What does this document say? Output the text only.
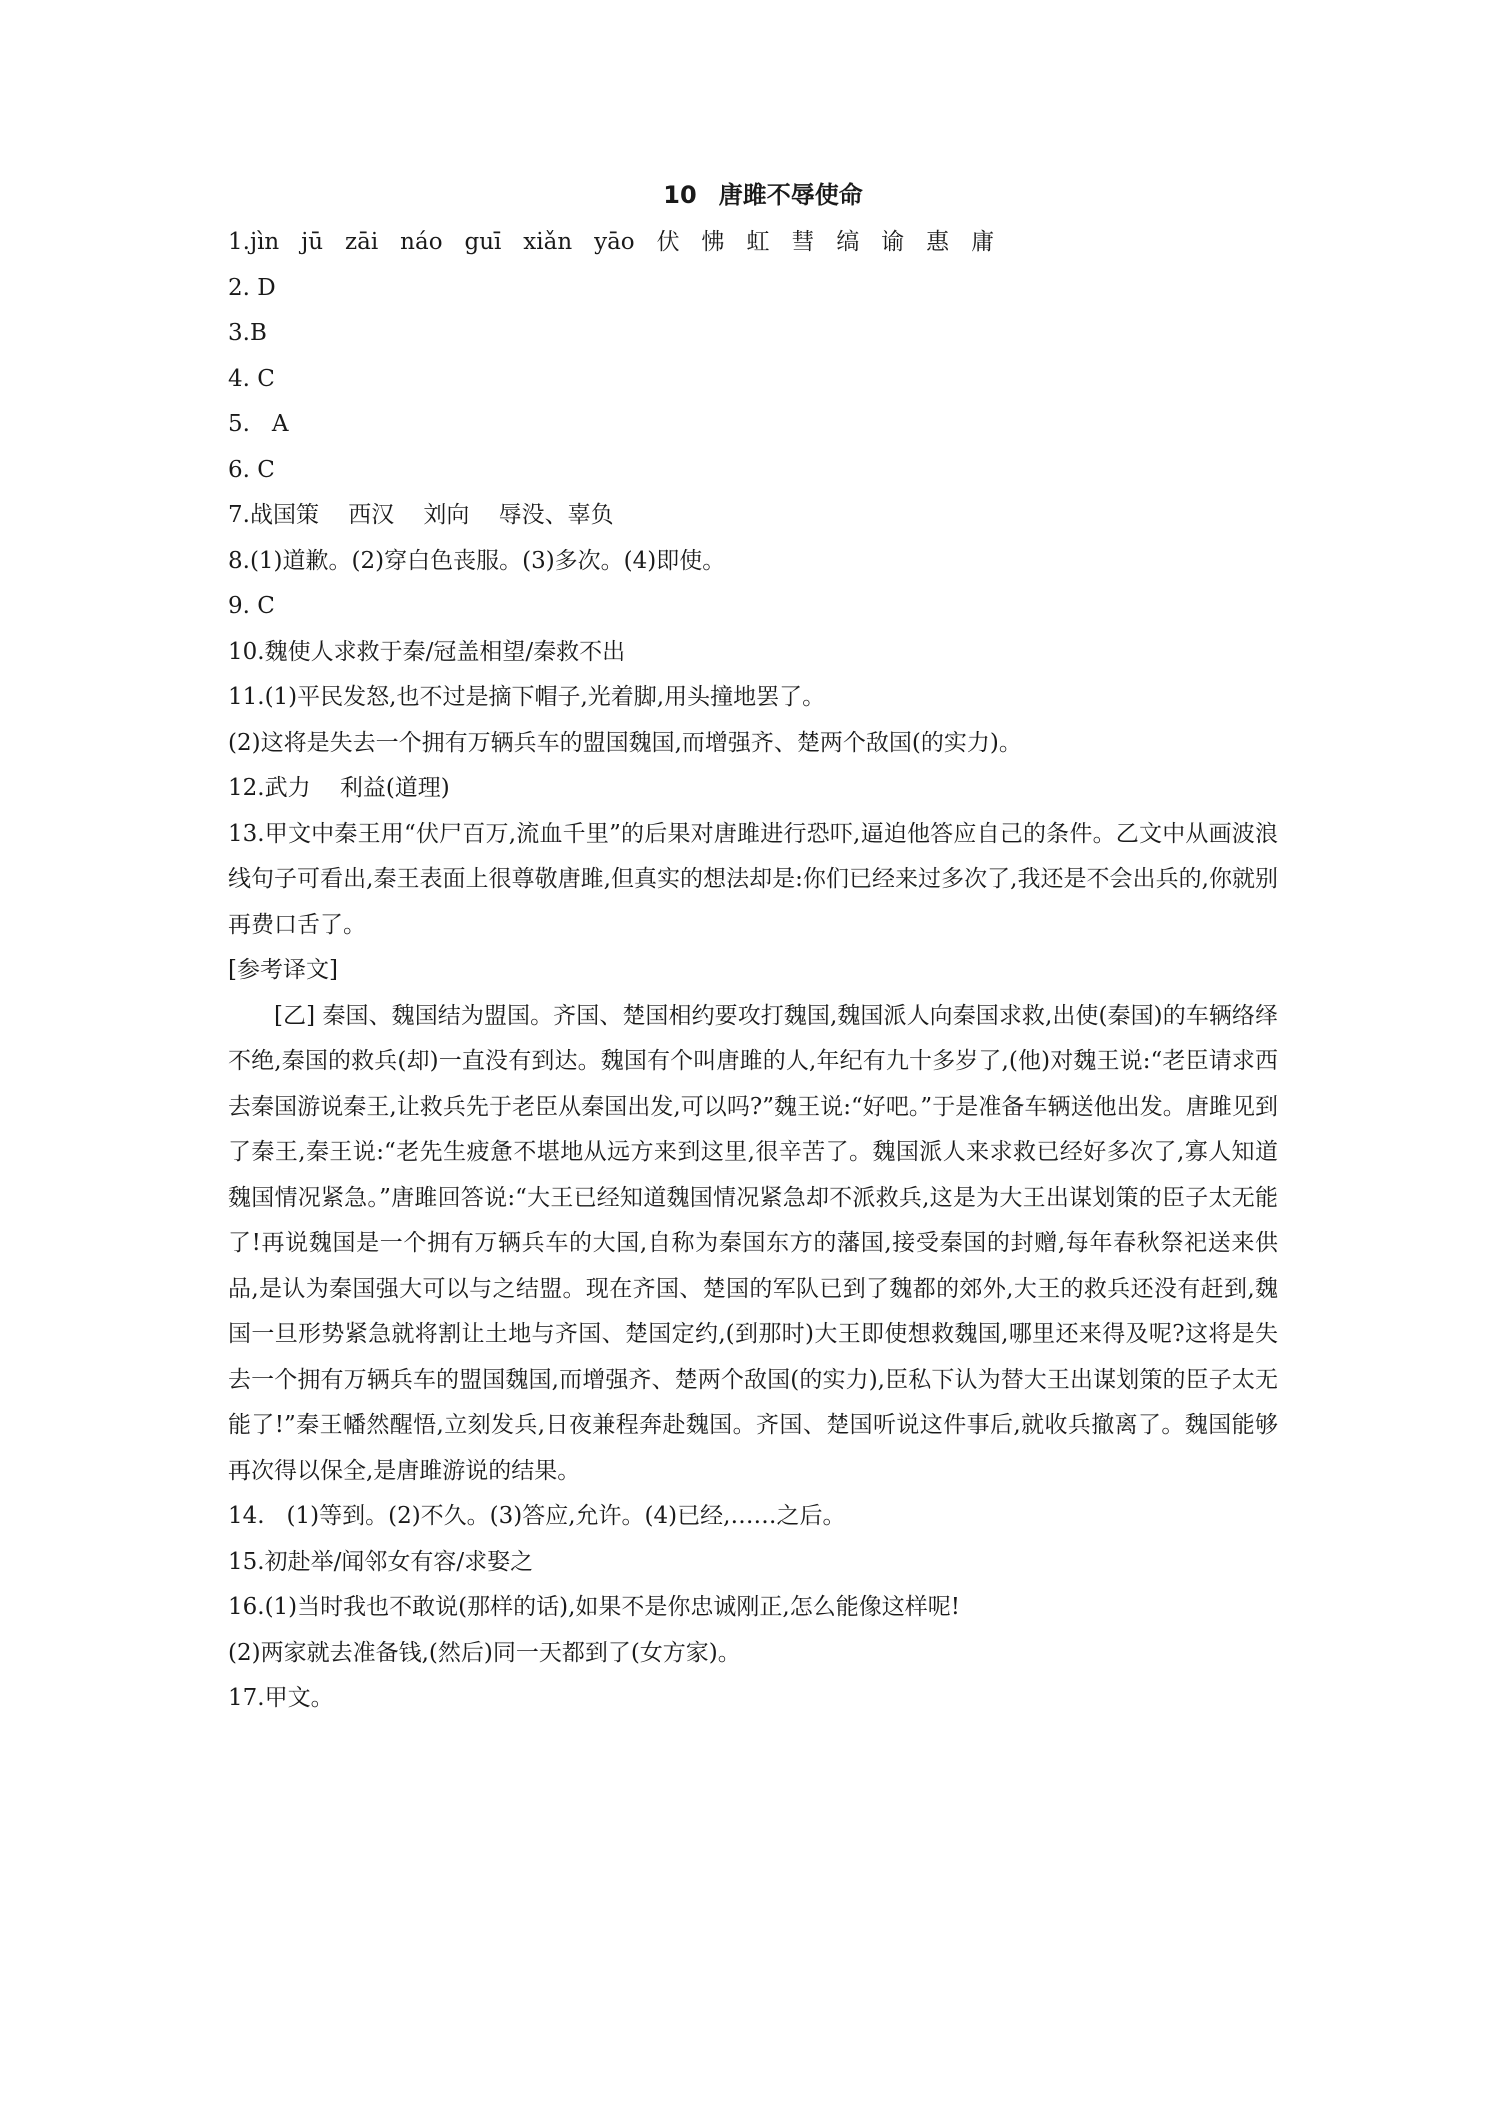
10 唐雎不辱使命

1.jìn   jū   zāi   náo   guī   xiǎn   yāo   伏   怫   虹   彗   缟   谕   惠   庸

2. D

3.B

4. C

5.   A

6. C

7.战国策    西汉    刘向    辱没、辜负

8.(1)道歉。(2)穿白色丧服。(3)多次。(4)即使。

9. C

10.魏使人求救于秦/冠盖相望/秦救不出

11.(1)平民发怒,也不过是摘下帽子,光着脚,用头撞地罢了。

(2)这将是失去一个拥有万辆兵车的盟国魏国,而增强齐、楚两个敌国(的实力)。

12.武力    利益(道理)

13.甲文中秦王用“伏尸百万,流血千里”的后果对唐雎进行恐吓,逼迫他答应自己的条件。乙文中从画波浪线句子可看出,秦王表面上很尊敬唐雎,但真实的想法却是:你们已经来过多次了,我还是不会出兵的,你就别再费口舌了。

[参考译文]

[乙] 秦国、魏国结为盟国。齐国、楚国相约要攻打魏国,魏国派人向秦国求救,出使(秦国)的车辆络绎不绝,秦国的救兵(却)一直没有到达。魏国有个叫唐雎的人,年纪有九十多岁了,(他)对魏王说:“老臣请求西去秦国游说秦王,让救兵先于老臣从秦国出发,可以吗?”魏王说:“好吧。”于是准备车辆送他出发。唐雎见到了秦王,秦王说:“老先生疲惫不堪地从远方来到这里,很辛苦了。魏国派人来求救已经好多次了,寡人知道魏国情况紧急。”唐雎回答说:“大王已经知道魏国情况紧急却不派救兵,这是为大王出谋划策的臣子太无能了!再说魏国是一个拥有万辆兵车的大国,自称为秦国东方的藩国,接受秦国的封赠,每年春秋祭祀送来供品,是认为秦国强大可以与之结盟。现在齐国、楚国的军队已到了魏都的郊外,大王的救兵还没有赶到,魏国一旦形势紧急就将割让土地与齐国、楚国定约,(到那时)大王即使想救魏国,哪里还来得及呢?这将是失去一个拥有万辆兵车的盟国魏国,而增强齐、楚两个敌国(的实力),臣私下认为替大王出谋划策的臣子太无能了!”秦王幡然醒悟,立刻发兵,日夜兼程奔赴魏国。齐国、楚国听说这件事后,就收兵撤离了。魏国能够再次得以保全,是唐雎游说的结果。

14.   (1)等到。(2)不久。(3)答应,允许。(4)已经,……之后。

15.初赴举/闻邻女有容/求娶之

16.(1)当时我也不敢说(那样的话),如果不是你忠诚刚正,怎么能像这样呢!

(2)两家就去准备钱,(然后)同一天都到了(女方家)。

17.甲文。
